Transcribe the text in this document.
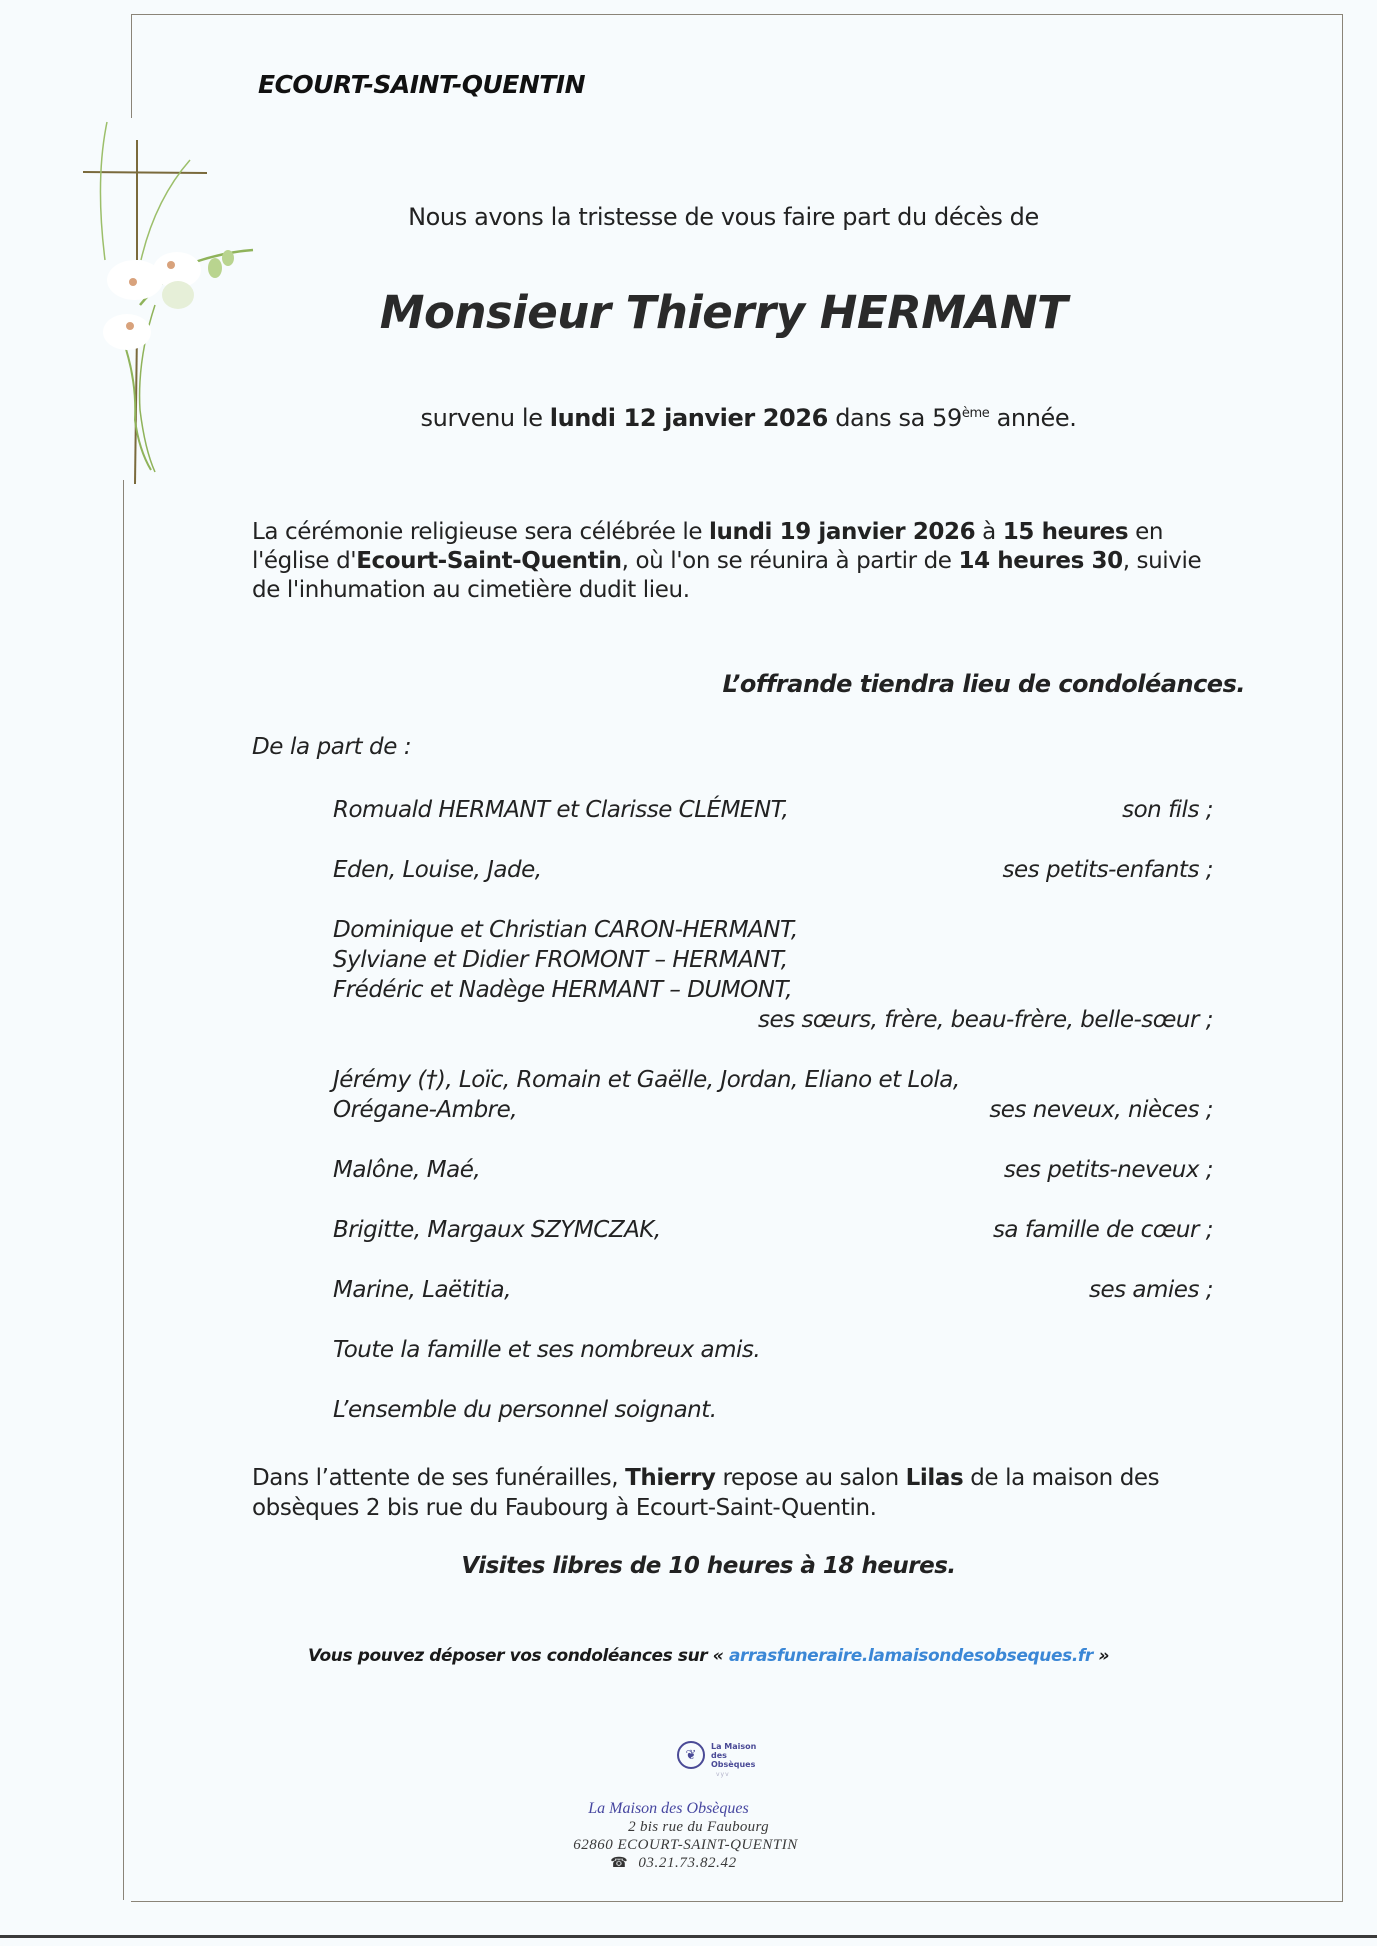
ECOURT-SAINT-QUENTIN
Nous avons la tristesse de vous faire part du décès de
Monsieur Thierry HERMANT
survenu le lundi 12 janvier 2026 dans sa 59ème année.
La cérémonie religieuse sera célébrée le lundi 19 janvier 2026 à 15 heures en l'église d'Ecourt-Saint-Quentin, où l'on se réunira à partir de 14 heures 30, suivie de l'inhumation au cimetière dudit lieu.
L’offrande tiendra lieu de condoléances.
De la part de :
Romuald HERMANT et Clarisse CLÉMENT,	son fils ;
Eden, Louise, Jade,	ses petits-enfants ;
Dominique et Christian CARON-HERMANT,
Sylviane et Didier FROMONT – HERMANT,
Frédéric et Nadège HERMANT – DUMONT,
ses sœurs, frère, beau-frère, belle-sœur ;
Jérémy (†), Loïc, Romain et Gaëlle, Jordan, Eliano et Lola,
Orégane-Ambre,	ses neveux, nièces ;
Malône, Maé,	ses petits-neveux ;
Brigitte, Margaux SZYMCZAK,	sa famille de cœur ;
Marine, Laëtitia,	ses amies ;
Toute la famille et ses nombreux amis.
L’ensemble du personnel soignant.
Dans l’attente de ses funérailles, Thierry repose au salon Lilas de la maison des obsèques 2 bis rue du Faubourg à Ecourt-Saint-Quentin.
Visites libres de 10 heures à 18 heures.
Vous pouvez déposer vos condoléances sur « arrasfuneraire.lamaisondesobseques.fr »
❦
La Maison des Obsèques
vyv
La Maison des Obsèques
2 bis rue du Faubourg
62860 ECOURT-SAINT-QUENTIN
☎ 03.21.73.82.42
